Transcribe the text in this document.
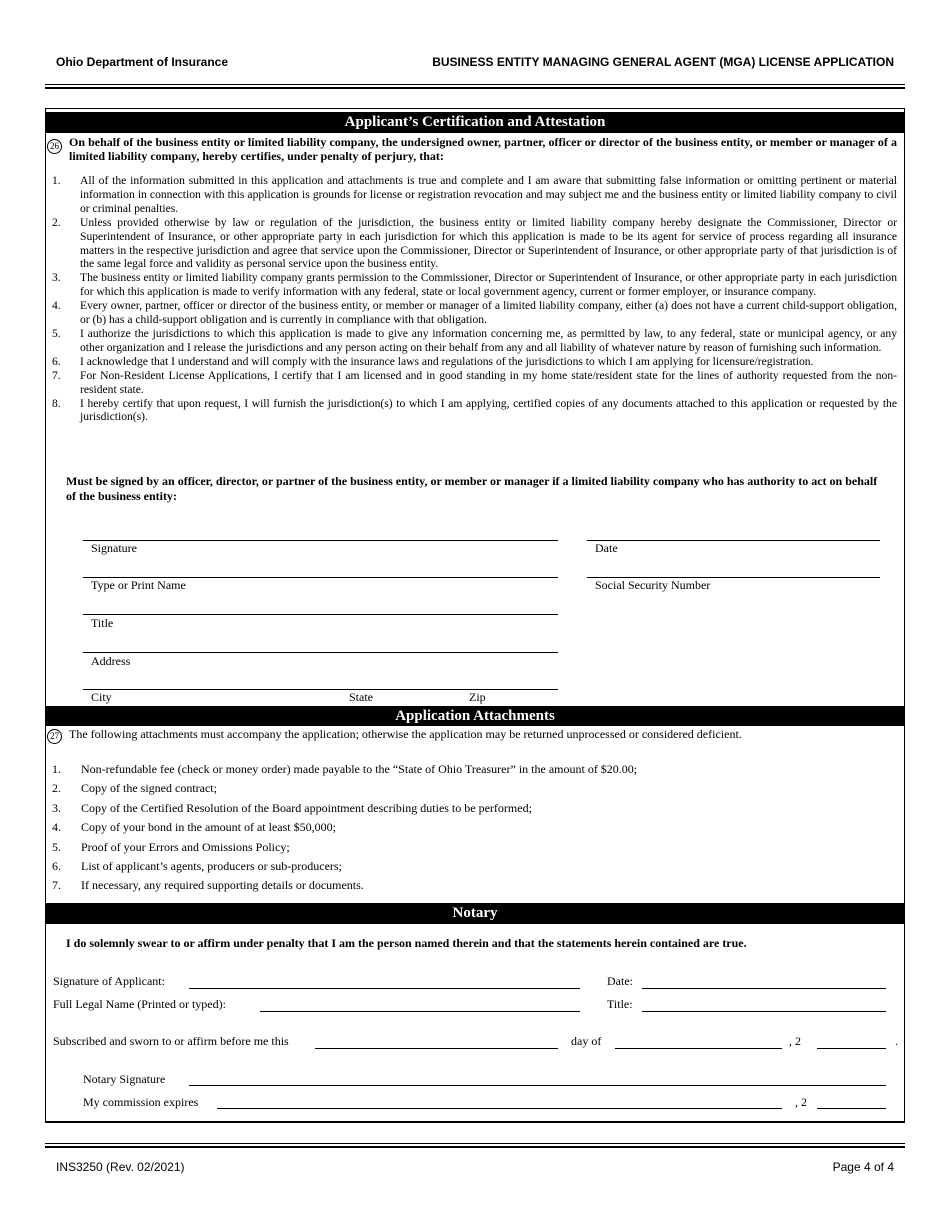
Ohio Department of Insurance	BUSINESS ENTITY MANAGING GENERAL AGENT (MGA) LICENSE APPLICATION
Applicant’s Certification and Attestation
26 On behalf of the business entity or limited liability company, the undersigned owner, partner, officer or director of the business entity, or member or manager of a limited liability company, hereby certifies, under penalty of perjury, that:
1.	All of the information submitted in this application and attachments is true and complete and I am aware that submitting false information or omitting pertinent or material information in connection with this application is grounds for license or registration revocation and may subject me and the business entity or limited liability company to civil or criminal penalties.
2.	Unless provided otherwise by law or regulation of the jurisdiction, the business entity or limited liability company hereby designate the Commissioner, Director or Superintendent of Insurance, or other appropriate party in each jurisdiction for which this application is made to be its agent for service of process regarding all insurance matters in the respective jurisdiction and agree that service upon the Commissioner, Director or Superintendent of Insurance, or other appropriate party of that jurisdiction is of the same legal force and validity as personal service upon the business entity.
3.	The business entity or limited liability company grants permission to the Commissioner, Director or Superintendent of Insurance, or other appropriate party in each jurisdiction for which this application is made to verify information with any federal, state or local government agency, current or former employer, or insurance company.
4.	Every owner, partner, officer or director of the business entity, or member or manager of a limited liability company, either (a) does not have a current child-support obligation, or (b) has a child-support obligation and is currently in compliance with that obligation.
5.	I authorize the jurisdictions to which this application is made to give any information concerning me, as permitted by law, to any federal, state or municipal agency, or any other organization and I release the jurisdictions and any person acting on their behalf from any and all liability of whatever nature by reason of furnishing such information.
6.	I acknowledge that I understand and will comply with the insurance laws and regulations of the jurisdictions to which I am applying for licensure/registration.
7.	For Non-Resident License Applications, I certify that I am licensed and in good standing in my home state/resident state for the lines of authority requested from the non-resident state.
8.	I hereby certify that upon request, I will furnish the jurisdiction(s) to which I am applying, certified copies of any documents attached to this application or requested by the jurisdiction(s).
Must be signed by an officer, director, or partner of the business entity, or member or manager if a limited liability company who has authority to act on behalf of the business entity:
Signature	Date
Type or Print Name	Social Security Number
Title
Address
City	State	Zip
Application Attachments
27 The following attachments must accompany the application; otherwise the application may be returned unprocessed or considered deficient.
1.	Non-refundable fee (check or money order) made payable to the “State of Ohio Treasurer” in the amount of $20.00;
2.	Copy of the signed contract;
3.	Copy of the Certified Resolution of the Board appointment describing duties to be performed;
4.	Copy of your bond in the amount of at least $50,000;
5.	Proof of your Errors and Omissions Policy;
6.	List of applicant’s agents, producers or sub-producers;
7.	If necessary, any required supporting details or documents.
Notary
I do solemnly swear to or affirm under penalty that I am the person named therein and that the statements herein contained are true.
Signature of Applicant:	Date:
Full Legal Name (Printed or typed):	Title:
Subscribed and sworn to or affirm before me this	day of	, 2	.
Notary Signature
My commission expires	, 2
INS3250 (Rev. 02/2021)	Page 4 of 4
